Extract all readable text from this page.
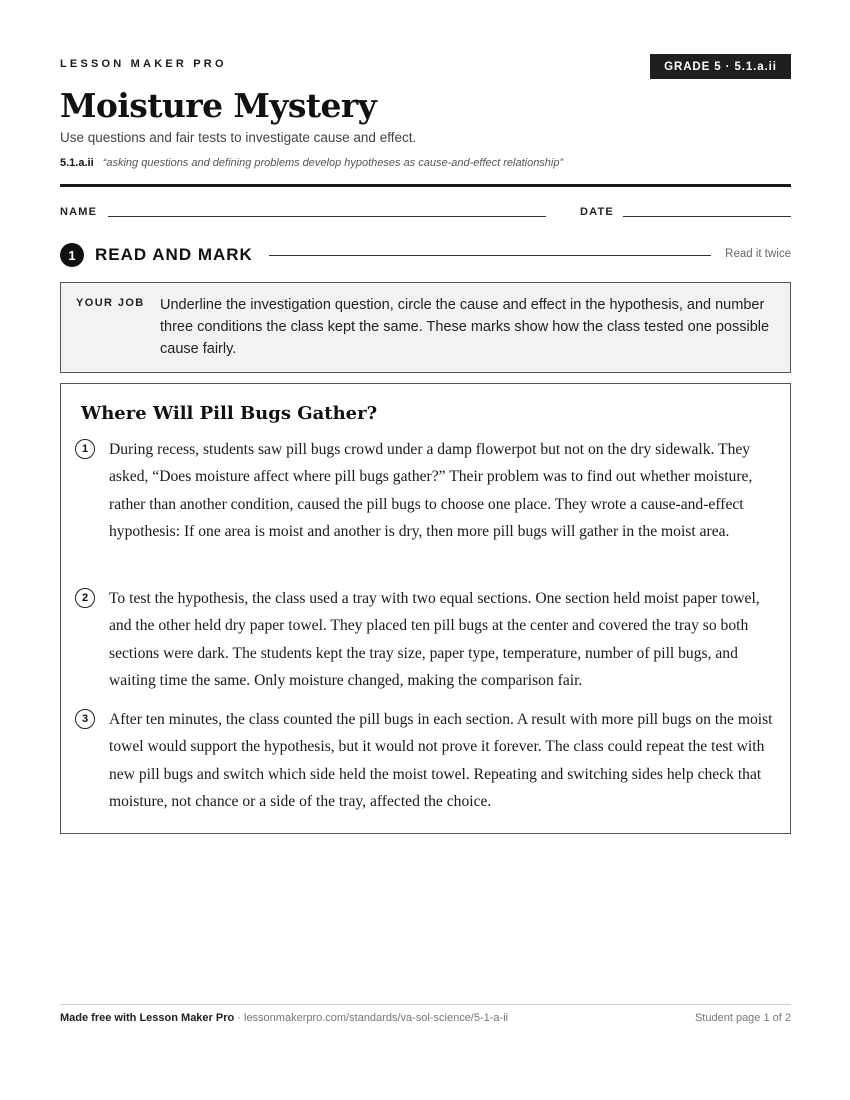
LESSON MAKER PRO	GRADE 5 · 5.1.a.ii
Moisture Mystery
Use questions and fair tests to investigate cause and effect.
5.1.a.ii “asking questions and defining problems develop hypotheses as cause-and-effect relationship”
NAME	DATE
1	READ AND MARK	Read it twice
YOUR JOB Underline the investigation question, circle the cause and effect in the hypothesis, and number three conditions the class kept the same. These marks show how the class tested one possible cause fairly.
Where Will Pill Bugs Gather?
1	During recess, students saw pill bugs crowd under a damp flowerpot but not on the dry sidewalk. They asked, “Does moisture affect where pill bugs gather?” Their problem was to find out whether moisture, rather than another condition, caused the pill bugs to choose one place. They wrote a cause-and-effect hypothesis: If one area is moist and another is dry, then more pill bugs will gather in the moist area.

2	To test the hypothesis, the class used a tray with two equal sections. One section held moist paper towel, and the other held dry paper towel. They placed ten pill bugs at the center and covered the tray so both sections were dark. The students kept the tray size, paper type, temperature, number of pill bugs, and waiting time the same. Only moisture changed, making the comparison fair.

3	After ten minutes, the class counted the pill bugs in each section. A result with more pill bugs on the moist towel would support the hypothesis, but it would not prove it forever. The class could repeat the test with new pill bugs and switch which side held the moist towel. Repeating and switching sides help check that moisture, not chance or a side of the tray, affected the choice.

Made free with Lesson Maker Pro · lessonmakerpro.com/standards/va-sol-science/5-1-a-ii	Student page 1 of 2
